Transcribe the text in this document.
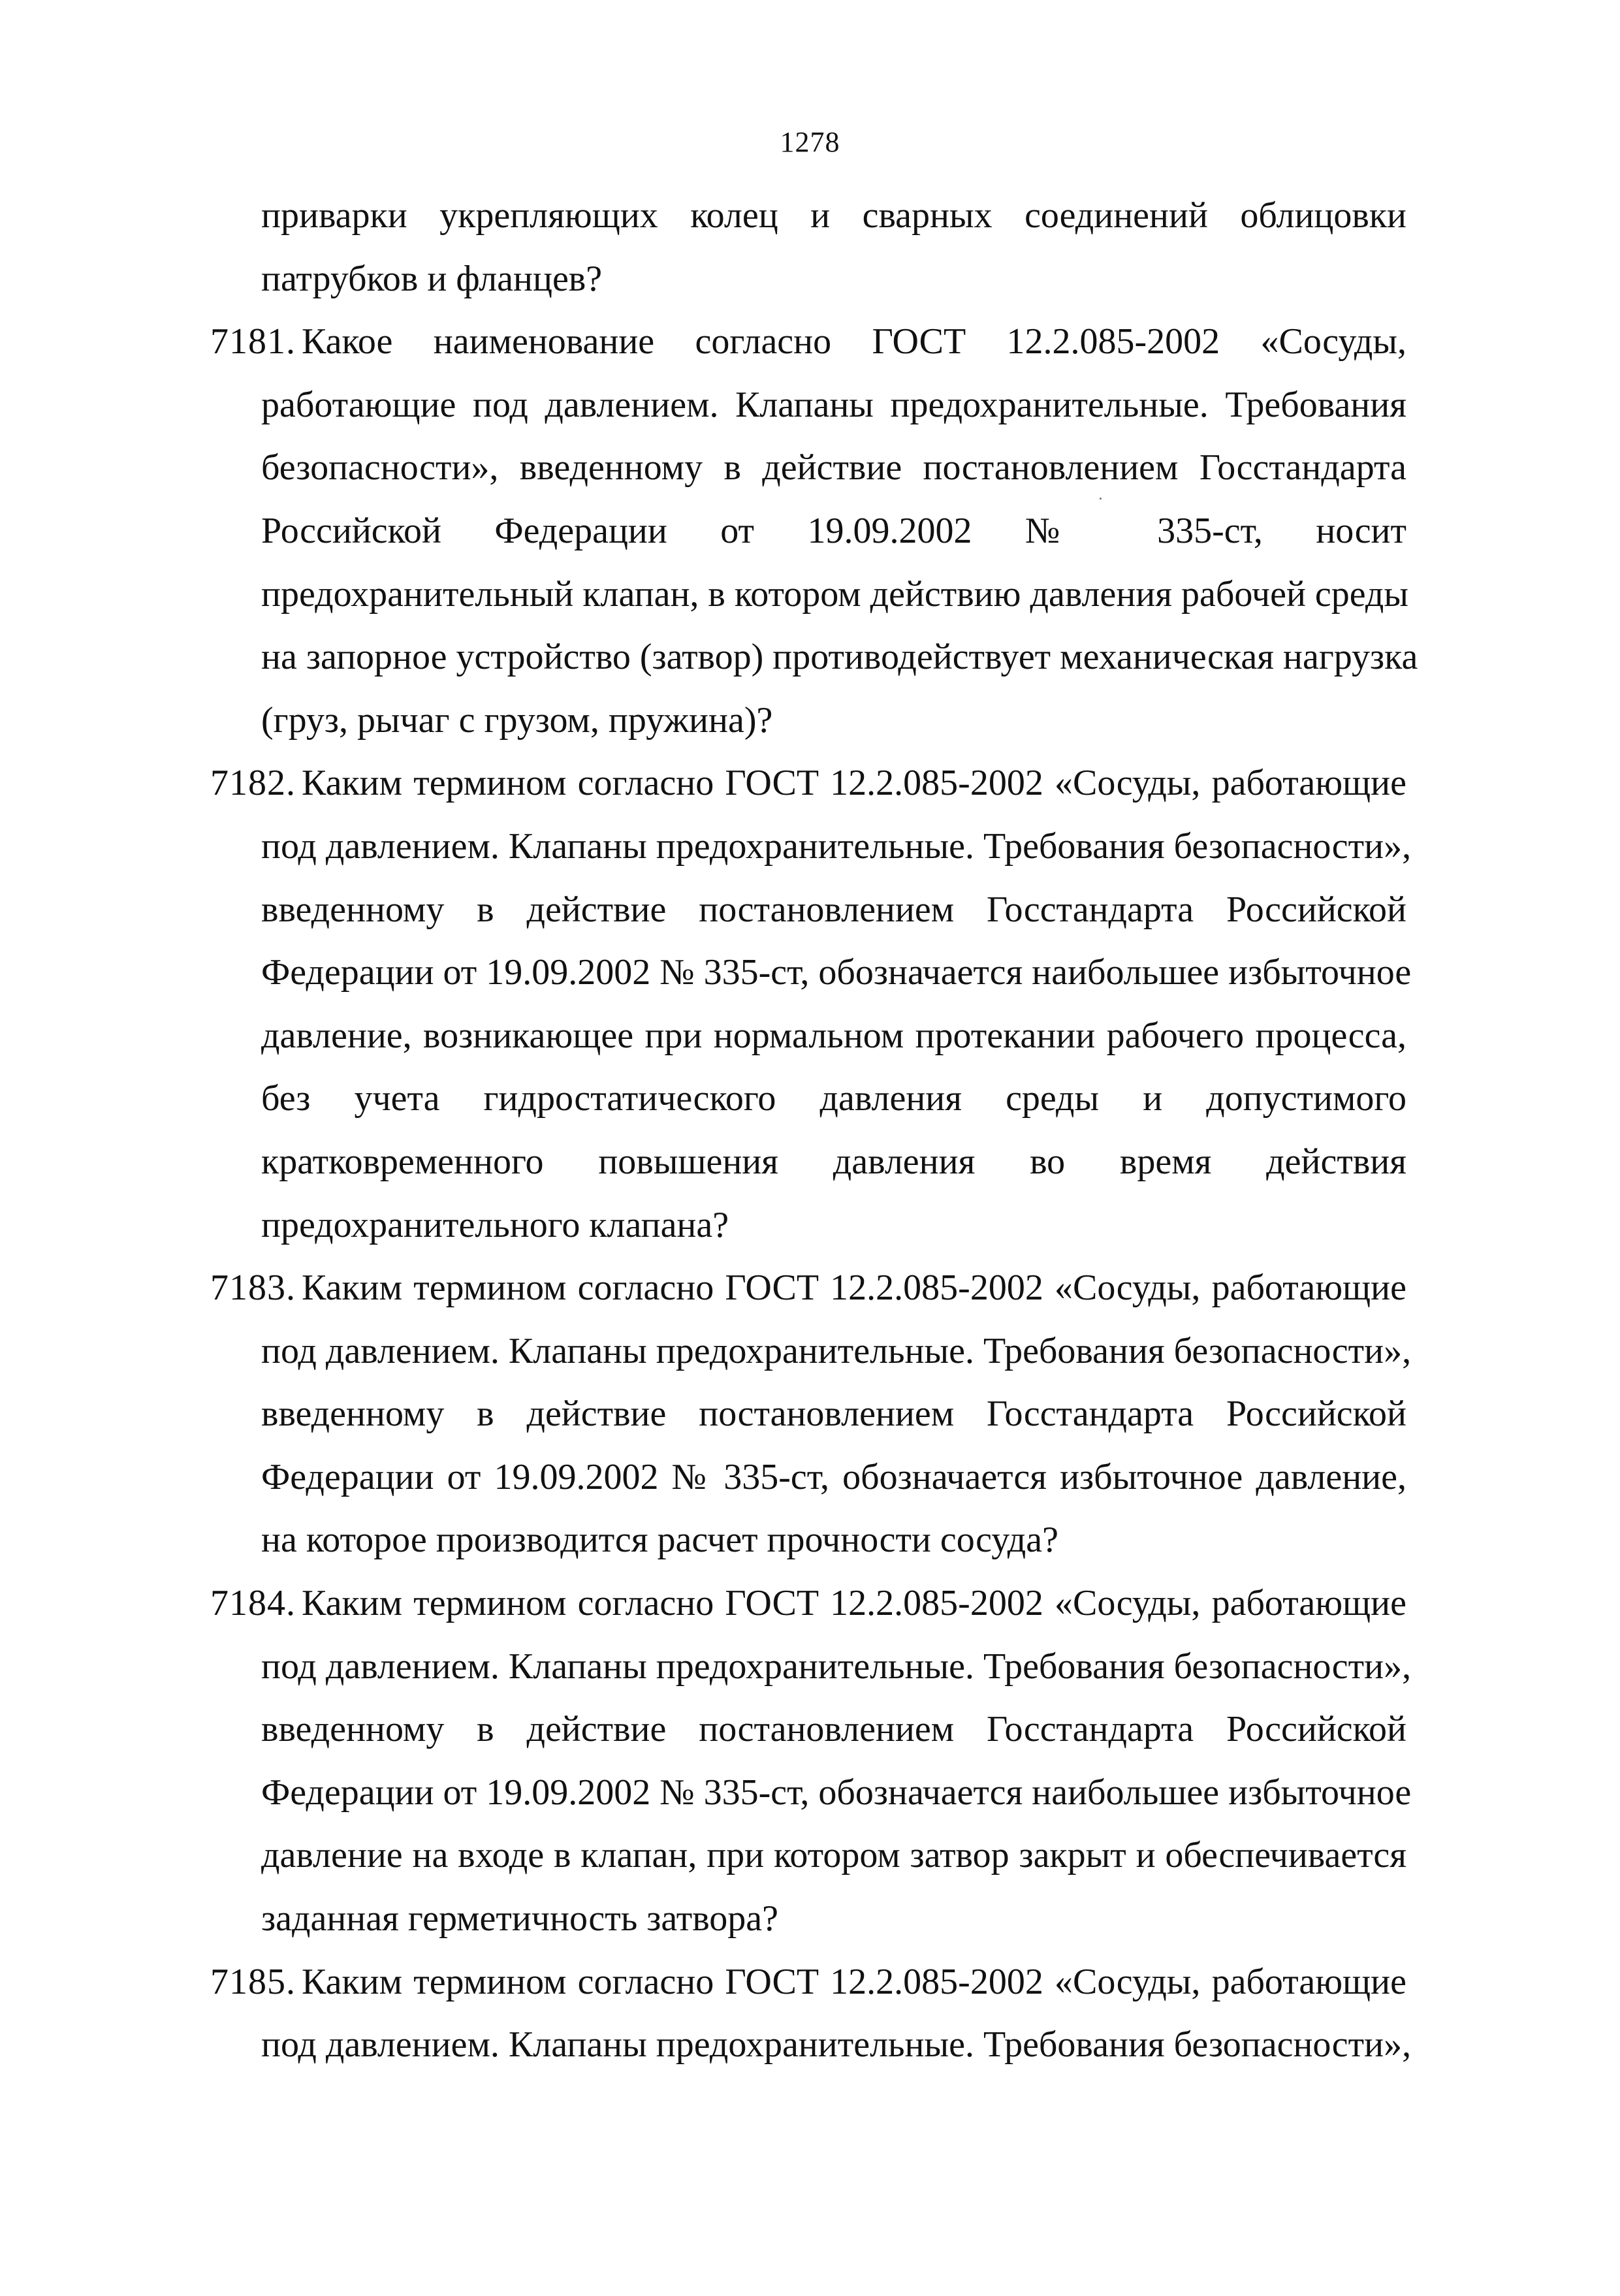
1278
приварки укрепляющих колец и сварных соединений облицовки
патрубков и фланцев?
7181. Какое наименование согласно ГОСТ 12.2.085-2002 «Сосуды,
работающие под давлением. Клапаны предохранительные. Требования
безопасности», введенному в действие постановлением Госстандарта
Российской Федерации от 19.09.2002 № 335-ст, носит
предохранительный клапан, в котором действию давления рабочей среды
на запорное устройство (затвор) противодействует механическая нагрузка
(груз, рычаг с грузом, пружина)?
7182. Каким термином согласно ГОСТ 12.2.085-2002 «Сосуды, работающие
под давлением. Клапаны предохранительные. Требования безопасности»,
введенному в действие постановлением Госстандарта Российской
Федерации от 19.09.2002 № 335-ст, обозначается наибольшее избыточное
давление, возникающее при нормальном протекании рабочего процесса,
без учета гидростатического давления среды и допустимого
кратковременного повышения давления во время действия
предохранительного клапана?
7183. Каким термином согласно ГОСТ 12.2.085-2002 «Сосуды, работающие
под давлением. Клапаны предохранительные. Требования безопасности»,
введенному в действие постановлением Госстандарта Российской
Федерации от 19.09.2002 № 335-ст, обозначается избыточное давление,
на которое производится расчет прочности сосуда?
7184. Каким термином согласно ГОСТ 12.2.085-2002 «Сосуды, работающие
под давлением. Клапаны предохранительные. Требования безопасности»,
введенному в действие постановлением Госстандарта Российской
Федерации от 19.09.2002 № 335-ст, обозначается наибольшее избыточное
давление на входе в клапан, при котором затвор закрыт и обеспечивается
заданная герметичность затвора?
7185. Каким термином согласно ГОСТ 12.2.085-2002 «Сосуды, работающие
под давлением. Клапаны предохранительные. Требования безопасности»,
